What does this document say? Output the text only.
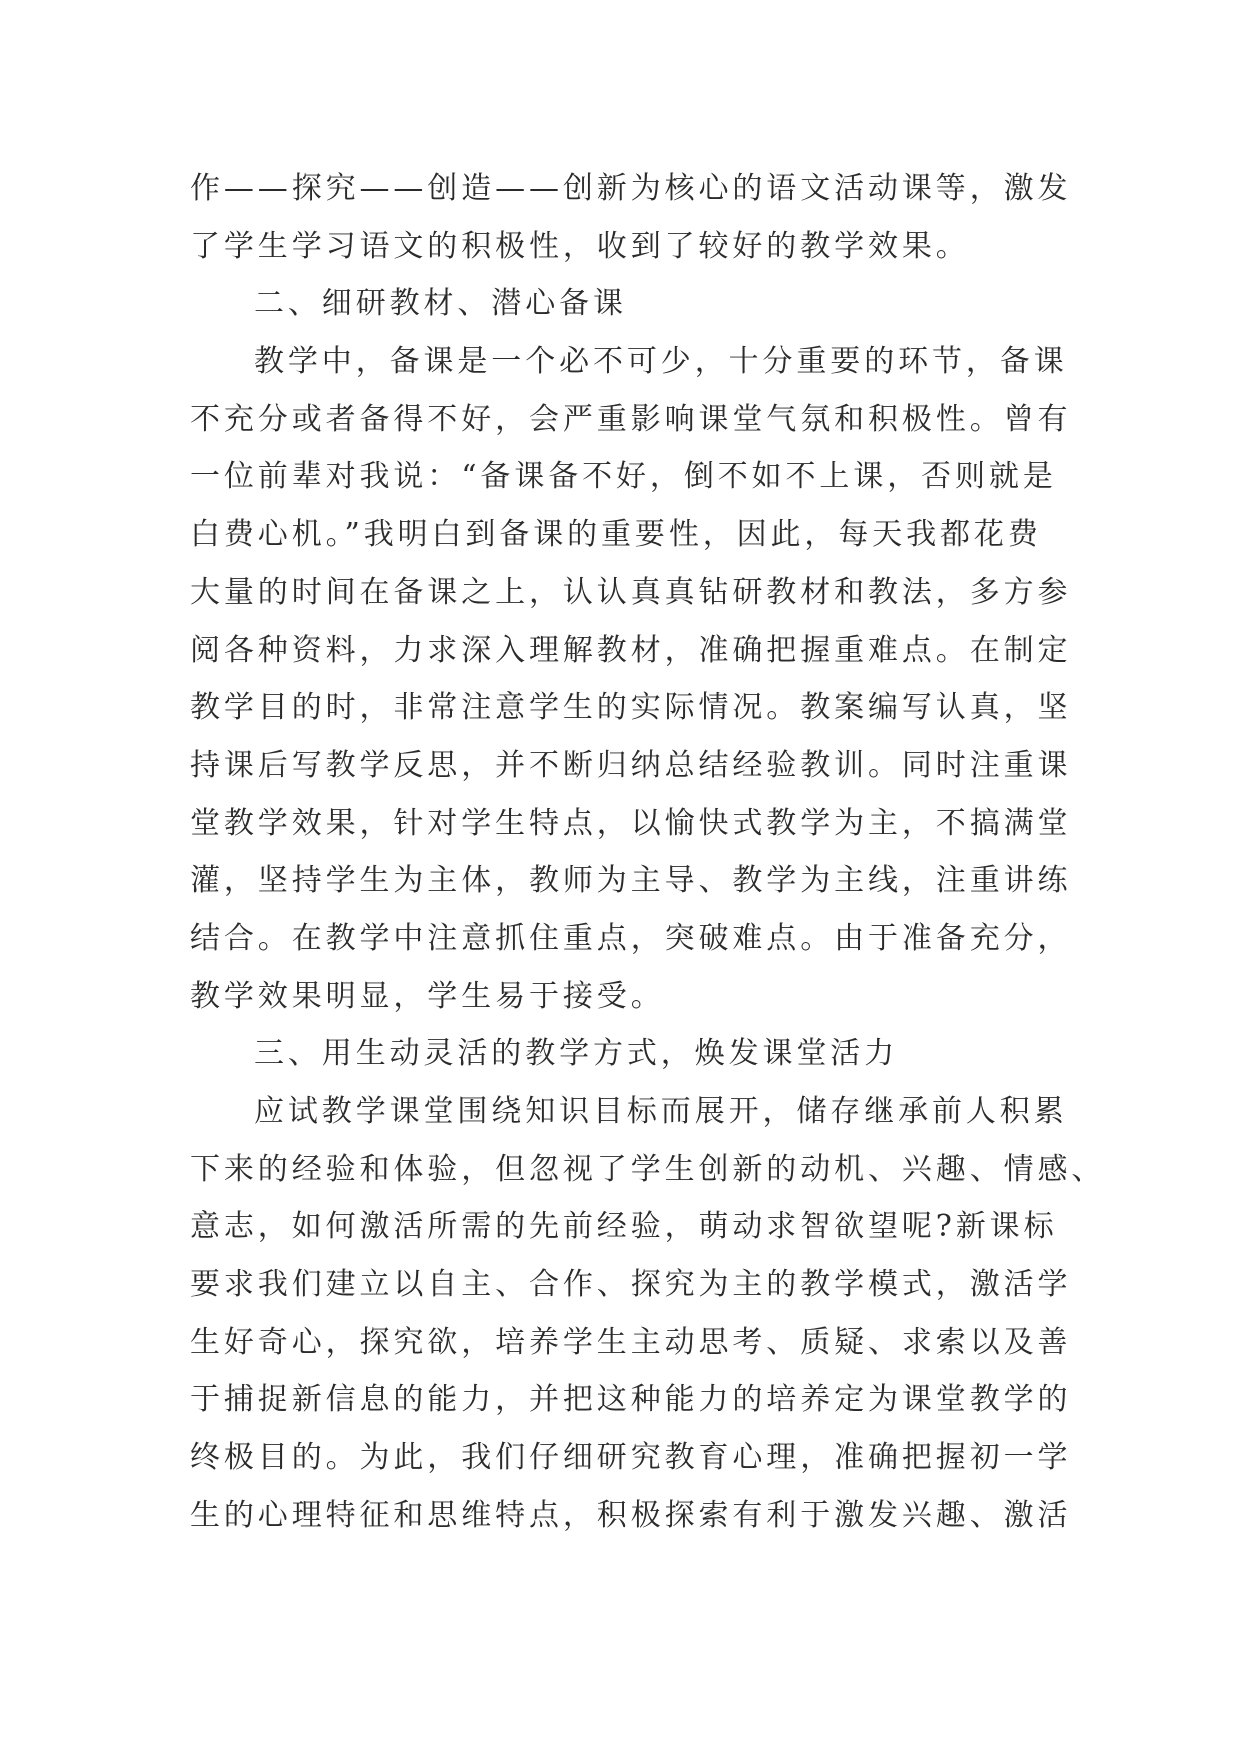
作——探究——创造——创新为核心的语文活动课等，激发
了学生学习语文的积极性，收到了较好的教学效果。
二、细研教材、潜心备课
教学中，备课是一个必不可少，十分重要的环节，备课
不充分或者备得不好，会严重影响课堂气氛和积极性。曾有
一位前辈对我说：“备课备不好，倒不如不上课，否则就是
白费心机。”我明白到备课的重要性，因此，每天我都花费
大量的时间在备课之上，认认真真钻研教材和教法，多方参
阅各种资料，力求深入理解教材，准确把握重难点。在制定
教学目的时，非常注意学生的实际情况。教案编写认真，坚
持课后写教学反思，并不断归纳总结经验教训。同时注重课
堂教学效果，针对学生特点，以愉快式教学为主，不搞满堂
灌，坚持学生为主体，教师为主导、教学为主线，注重讲练
结合。在教学中注意抓住重点，突破难点。由于准备充分，
教学效果明显，学生易于接受。
三、用生动灵活的教学方式，焕发课堂活力
应试教学课堂围绕知识目标而展开，储存继承前人积累
下来的经验和体验，但忽视了学生创新的动机、兴趣、情感、
意志，如何激活所需的先前经验，萌动求智欲望呢?新课标
要求我们建立以自主、合作、探究为主的教学模式，激活学
生好奇心，探究欲，培养学生主动思考、质疑、求索以及善
于捕捉新信息的能力，并把这种能力的培养定为课堂教学的
终极目的。为此，我们仔细研究教育心理，准确把握初一学
生的心理特征和思维特点，积极探索有利于激发兴趣、激活
